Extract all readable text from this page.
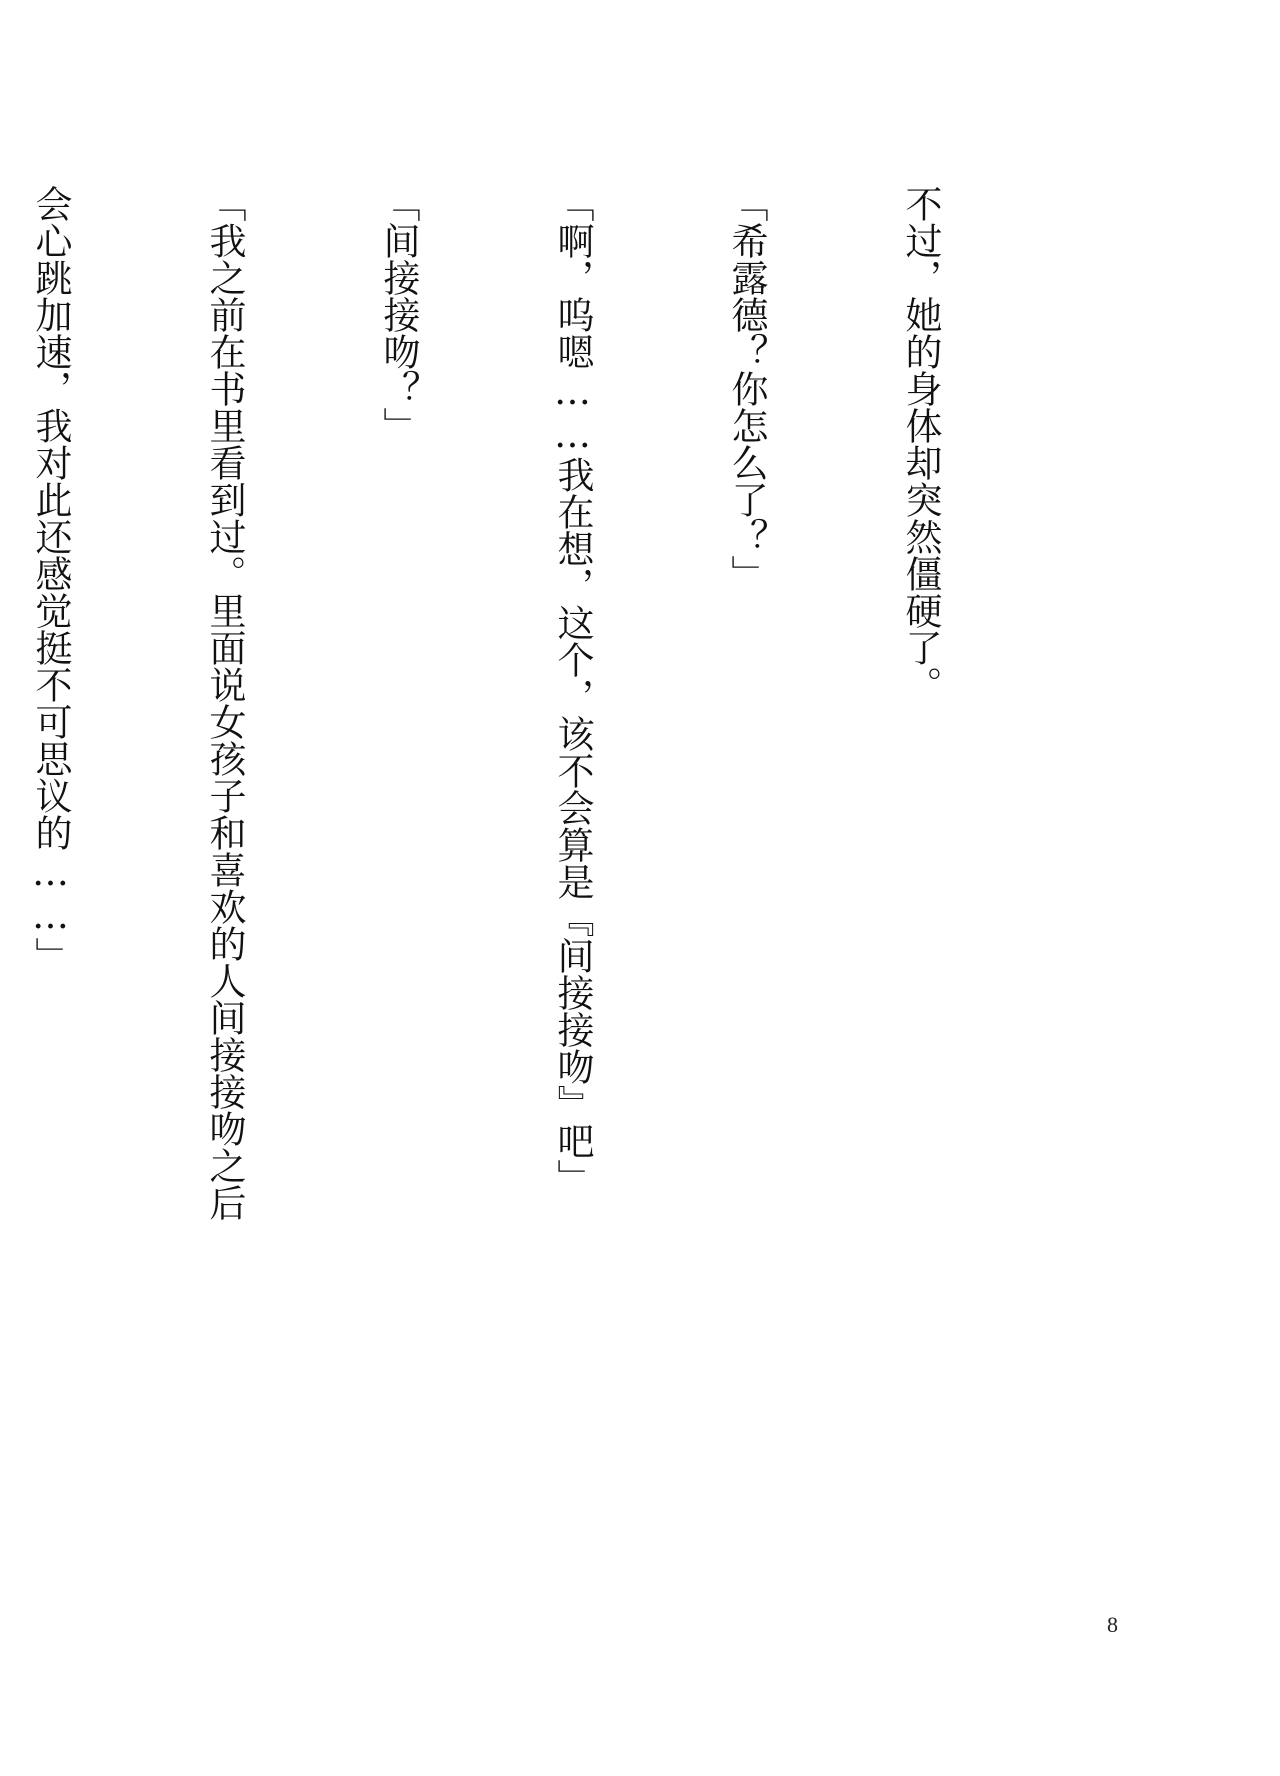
不过，她的身体却突然僵硬了。

「希露德？你怎么了？」

「啊，呜嗯……我在想，这个，该不会算是『间接接吻』吧」

「间接接吻？」

「我之前在书里看到过。里面说女孩子和喜欢的人间接接吻之后

会心跳加速，我对此还感觉挺不可思议的……」

8
